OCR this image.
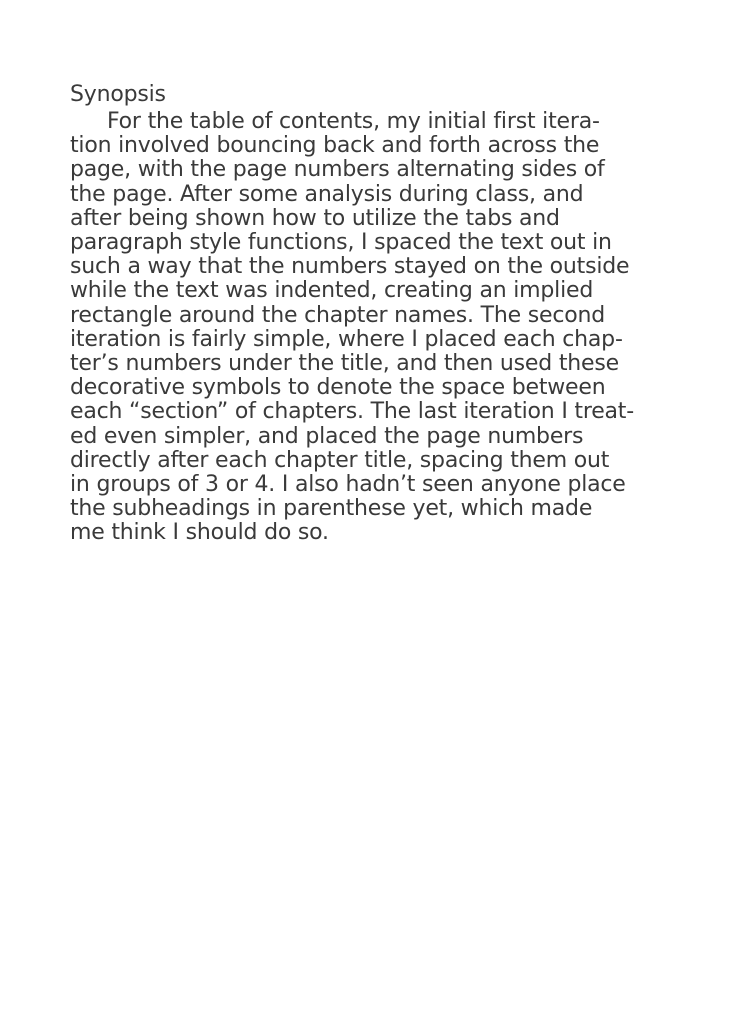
Synopsis
For the table of contents, my initial first itera-
tion involved bouncing back and forth across the
page, with the page numbers alternating sides of
the page. After some analysis during class, and
after being shown how to utilize the tabs and
paragraph style functions, I spaced the text out in
such a way that the numbers stayed on the outside
while the text was indented, creating an implied
rectangle around the chapter names. The second
iteration is fairly simple, where I placed each chap-
ter’s numbers under the title, and then used these
decorative symbols to denote the space between
each “section” of chapters. The last iteration I treat-
ed even simpler, and placed the page numbers
directly after each chapter title, spacing them out
in groups of 3 or 4. I also hadn’t seen anyone place
the subheadings in parenthese yet, which made
me think I should do so.
